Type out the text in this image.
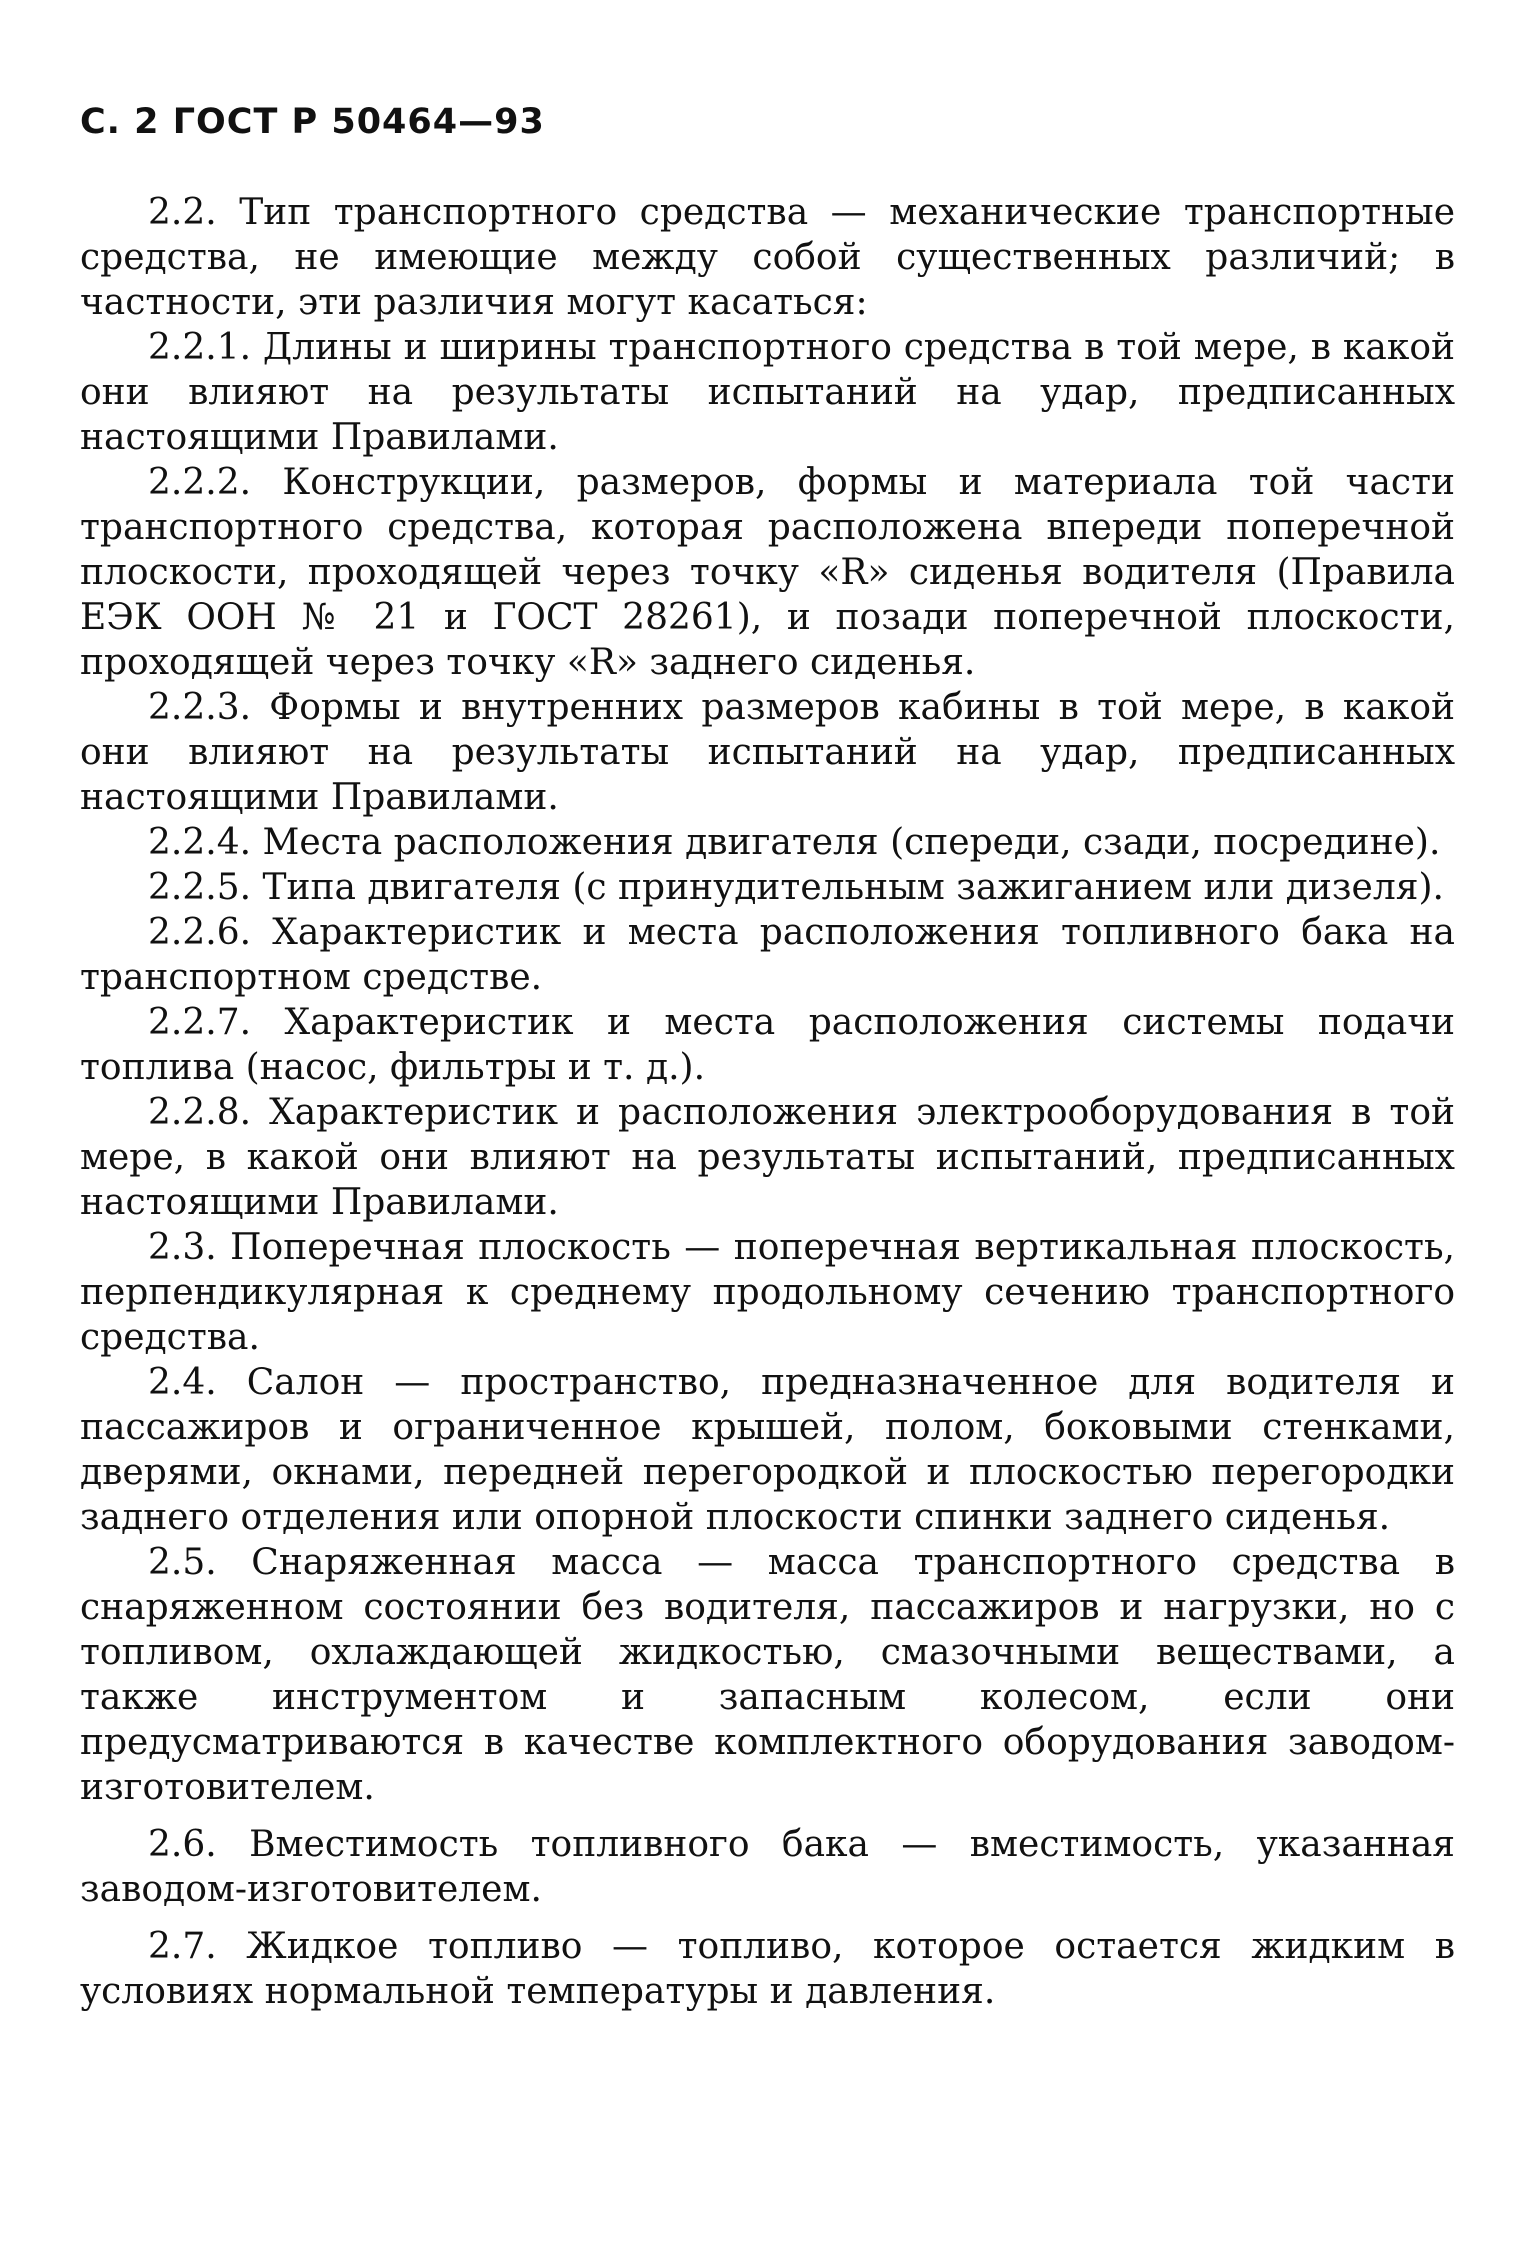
С. 2 ГОСТ Р 50464—93

2.2. Тип транспортного средства — механические транспортные средства, не имеющие между собой существенных различий; в частности, эти различия могут касаться:

2.2.1. Длины и ширины транспортного средства в той мере, в какой они влияют на результаты испытаний на удар, предписанных настоящими Правилами.

2.2.2. Конструкции, размеров, формы и материала той части транспортного средства, которая расположена впереди поперечной плоскости, проходящей через точку «R» сиденья водителя (Правила ЕЭК ООН № 21 и ГОСТ 28261), и позади поперечной плоскости, проходящей через точку «R» заднего сиденья.

2.2.3. Формы и внутренних размеров кабины в той мере, в какой они влияют на результаты испытаний на удар, предписанных настоящими Правилами.

2.2.4. Места расположения двигателя (спереди, сзади, посредине).

2.2.5. Типа двигателя (с принудительным зажиганием или дизеля).

2.2.6. Характеристик и места расположения топливного бака на транспортном средстве.

2.2.7. Характеристик и места расположения системы подачи топлива (насос, фильтры и т. д.).

2.2.8. Характеристик и расположения электрооборудования в той мере, в какой они влияют на результаты испытаний, предписанных настоящими Правилами.

2.3. Поперечная плоскость — поперечная вертикальная плоскость, перпендикулярная к среднему продольному сечению транспортного средства.

2.4. Салон — пространство, предназначенное для водителя и пассажиров и ограниченное крышей, полом, боковыми стенками, дверями, окнами, передней перегородкой и плоскостью перегородки заднего отделения или опорной плоскости спинки заднего сиденья.

2.5. Снаряженная масса — масса транспортного средства в снаряженном состоянии без водителя, пассажиров и нагрузки, но с топливом, охлаждающей жидкостью, смазочными веществами, а также инструментом и запасным колесом, если они предусматриваются в качестве комплектного оборудования заводом-изготовителем.

2.6. Вместимость топливного бака — вместимость, указанная заводом-изготовителем.

2.7. Жидкое топливо — топливо, которое остается жидким в условиях нормальной температуры и давления.
